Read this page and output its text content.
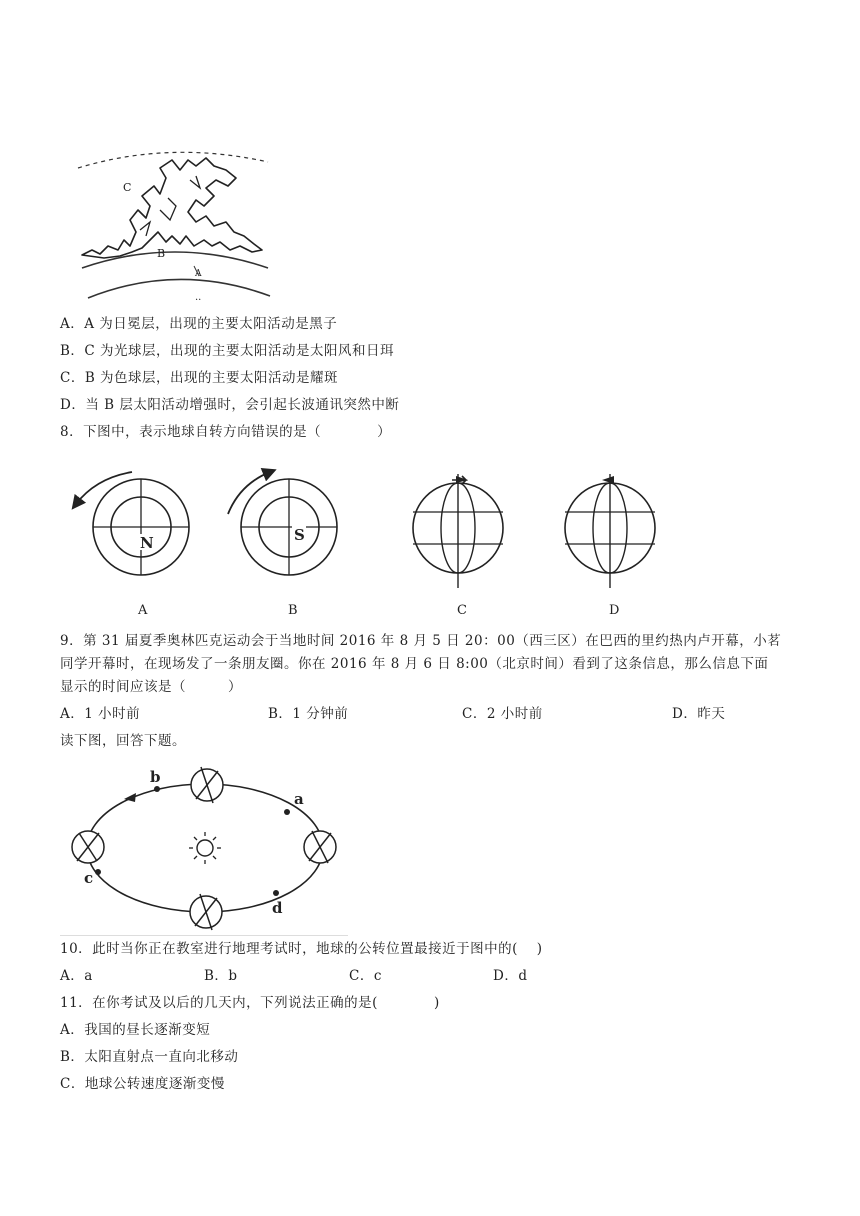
C
B
A
..
A．A 为日冕层，出现的主要太阳活动是黑子
B．C 为光球层，出现的主要太阳活动是太阳风和日珥
C．B 为色球层，出现的主要太阳活动是耀斑
D．当 B 层太阳活动增强时，会引起长波通讯突然中断
8．下图中，表示地球自转方向错误的是（　　　　）
N
A
S
B	C	D
9．第 31 届夏季奥林匹克运动会于当地时间 2016 年 8 月 5 日 20：00（西三区）在巴西的里约热内卢开幕，小茗
同学开幕时，在现场发了一条朋友圈。你在 2016 年 8 月 6 日 8:00（北京时间）看到了这条信息，那么信息下面
显示的时间应该是（　　　）
A．1 小时前	B．1 分钟前	C．2 小时前	D．昨天
读下图，回答下题。
a
b
c
d
10．此时当你正在教室进行地理考试时，地球的公转位置最接近于图中的(　 )
A．a	B．b	C．c	D．d
11．在你考试及以后的几天内，下列说法正确的是(　　　　)
A．我国的昼长逐渐变短
B．太阳直射点一直向北移动
C．地球公转速度逐渐变慢
